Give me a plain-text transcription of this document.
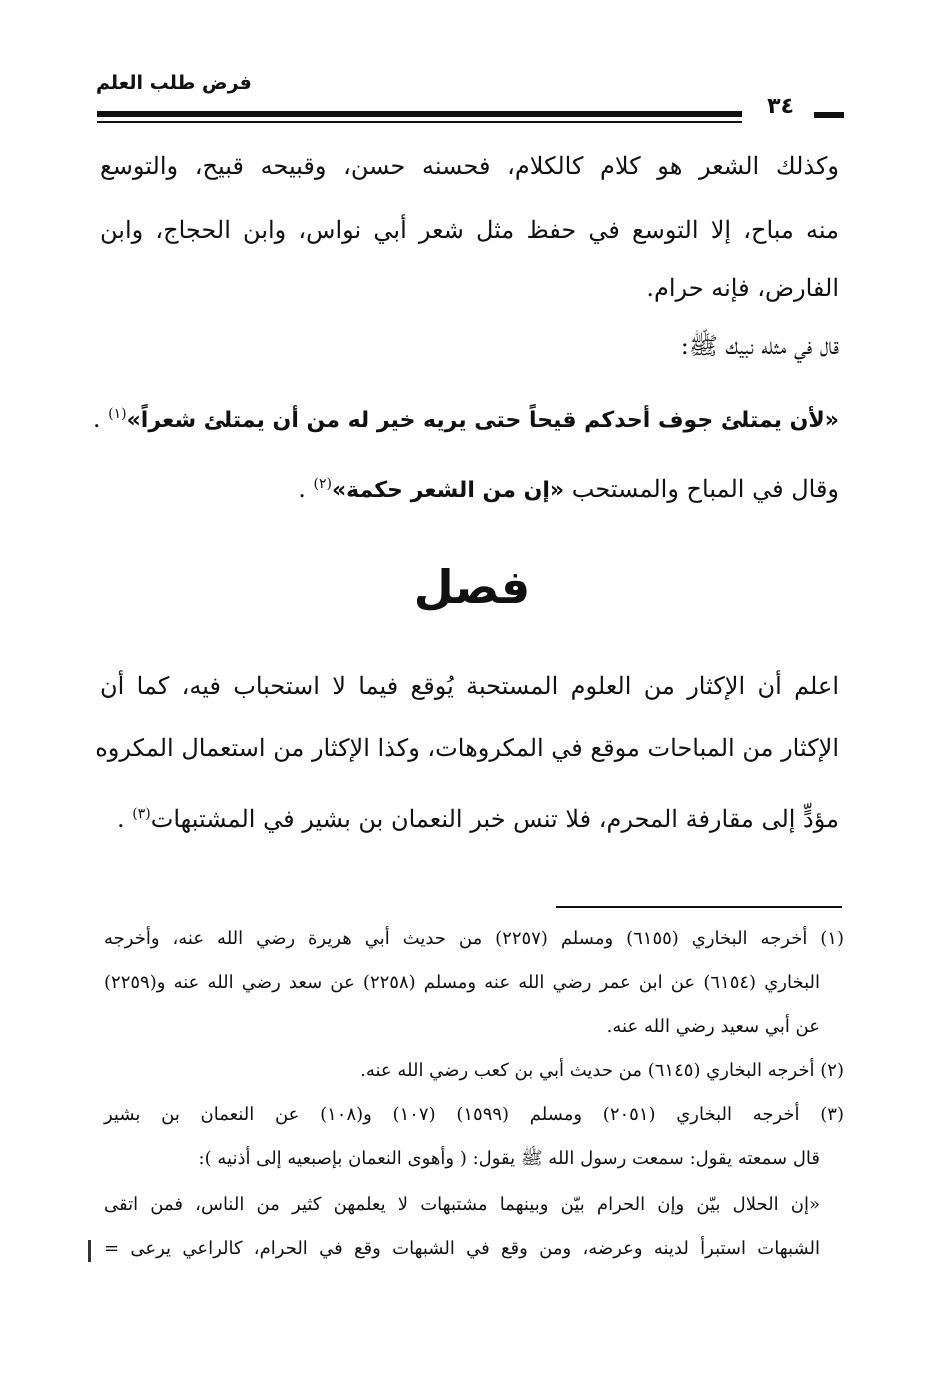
فرض طلب العلم
٣٤
وكذلك الشعر هو كلام كالكلام، فحسنه حسن، وقبيحه قبيح، والتوسع
منه مباح، إلا التوسع في حفظ مثل شعر أبي نواس، وابن الحجاج، وابن
الفارض، فإنه حرام.
قال في مثله نبيك ﷺ:
«لأن يمتلئ جوف أحدكم قيحاً حتى يريه خير له من أن يمتلئ شعراً»$^{(١)}$ .
وقال في المباح والمستحب «إن من الشعر حكمة»$^{(٢)}$ .
فصل
اعلم أن الإكثار من العلوم المستحبة يُوقع فيما لا استحباب فيه، كما أن
الإكثار من المباحات موقع في المكروهات، وكذا الإكثار من استعمال المكروه
مؤدٍّ إلى مقارفة المحرم، فلا تنس خبر النعمان بن بشير في المشتبهات$^{(٣)}$ .
(١) أخرجه البخاري (٦١٥٥) ومسلم (٢٢٥٧) من حديث أبي هريرة رضي الله عنه، وأخرجه
البخاري (٦١٥٤) عن ابن عمر رضي الله عنه ومسلم (٢٢٥٨) عن سعد رضي الله عنه و(٢٢٥٩)
عن أبي سعيد رضي الله عنه.
(٢) أخرجه البخاري (٦١٤٥) من حديث أبي بن كعب رضي الله عنه.
(٣) أخرجه البخاري (٢٠٥١) ومسلم (١٥٩٩) (١٠٧) و(١٠٨) عن النعمان بن بشير
قال سمعته يقول: سمعت رسول الله ﷺ يقول: ( وأهوى النعمان بإصبعيه إلى أذنيه ):
«إن الحلال بيّن وإن الحرام بيّن وبينهما مشتبهات لا يعلمهن كثير من الناس، فمن اتقى
الشبهات استبرأ لدينه وعرضه، ومن وقع في الشبهات وقع في الحرام، كالراعي يرعى =
